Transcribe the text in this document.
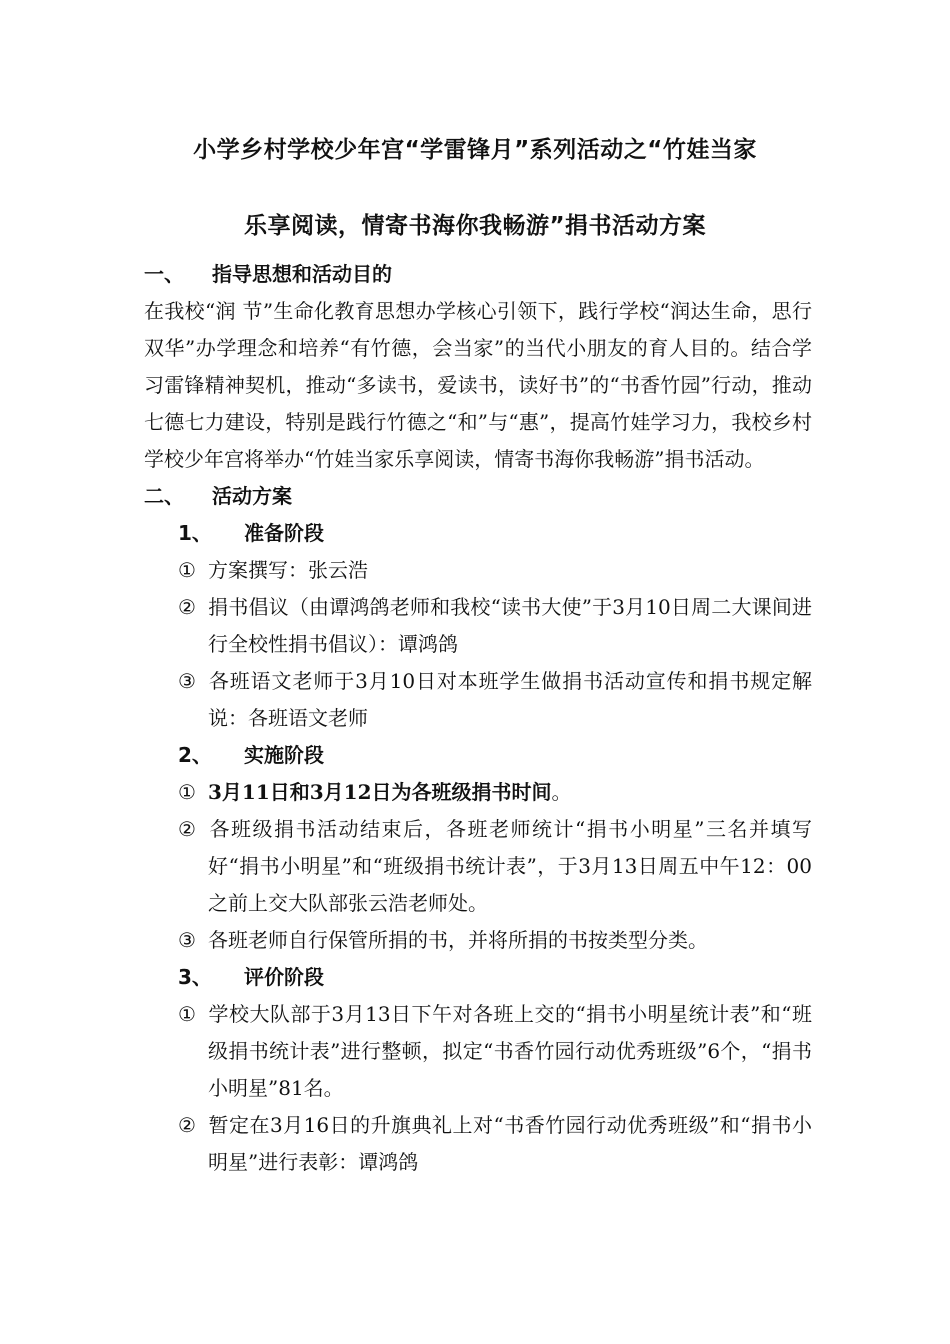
小学乡村学校少年宫“学雷锋月”系列活动之“竹娃当家
乐享阅读，情寄书海你我畅游”捐书活动方案
一、 指导思想和活动目的
在我校“润 节”生命化教育思想办学核心引领下，践行学校“润达生命，思行双华”办学理念和培养“有竹德，会当家”的当代小朋友的育人目的。结合学习雷锋精神契机，推动“多读书，爱读书，读好书”的“书香竹园”行动，推动七德七力建设，特别是践行竹德之“和”与“惠”，提高竹娃学习力，我校乡村学校少年宫将举办“竹娃当家乐享阅读，情寄书海你我畅游”捐书活动。
二、 活动方案
1、 准备阶段
① 方案撰写：张云浩
② 捐书倡议（由谭鸿鸽老师和我校“读书大使”于3月10日周二大课间进行全校性捐书倡议）：谭鸿鸽
③ 各班语文老师于3月10日对本班学生做捐书活动宣传和捐书规定解说：各班语文老师
2、 实施阶段
① 3月11日和3月12日为各班级捐书时间。
② 各班级捐书活动结束后，各班老师统计“捐书小明星”三名并填写好“捐书小明星”和“班级捐书统计表”，于3月13日周五中午12：00之前上交大队部张云浩老师处。
③ 各班老师自行保管所捐的书，并将所捐的书按类型分类。
3、 评价阶段
① 学校大队部于3月13日下午对各班上交的“捐书小明星统计表”和“班级捐书统计表”进行整顿，拟定“书香竹园行动优秀班级”6个，“捐书小明星”81名。
② 暂定在3月16日的升旗典礼上对“书香竹园行动优秀班级”和“捐书小明星”进行表彰：谭鸿鸽
